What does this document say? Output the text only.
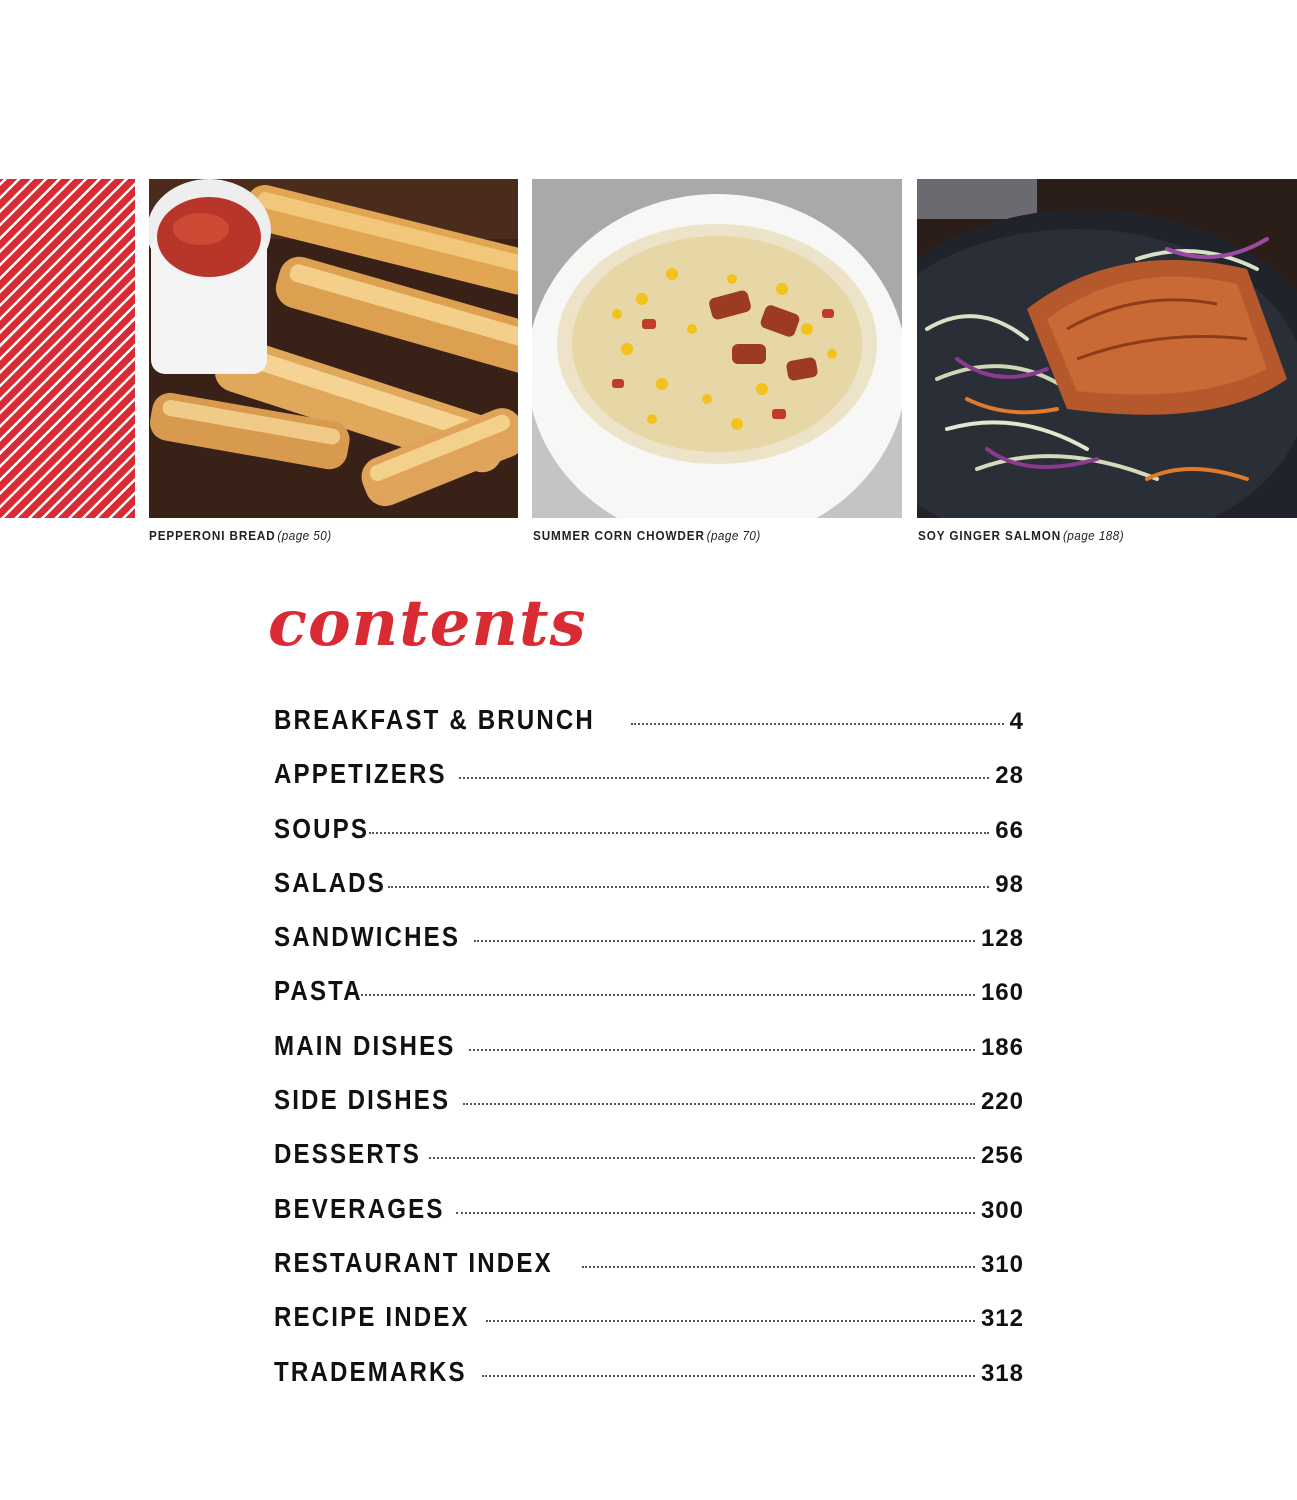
PEPPERONI BREAD (page 50)	SUMMER CORN CHOWDER (page 70)	SOY GINGER SALMON (page 188)
contents
BREAKFAST & BRUNCH	4
APPETIZERS	28
SOUPS	66
SALADS	98
SANDWICHES	128
PASTA	160
MAIN DISHES	186
SIDE DISHES	220
DESSERTS	256
BEVERAGES	300
RESTAURANT INDEX	310
RECIPE INDEX	312
TRADEMARKS	318
